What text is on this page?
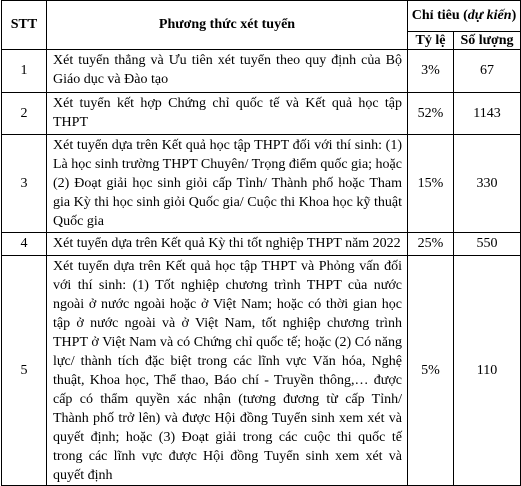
STT	Phương thức xét tuyển	Chỉ tiêu (dự kiến)	
		Tỷ lệ	Số lượng
1	Xét tuyển thẳng và Ưu tiên xét tuyển theo quy định của Bộ Giáo dục và Đào tạo	3%	67
2	Xét tuyển kết hợp Chứng chỉ quốc tế và Kết quả học tập THPT	52%	1143
3	Xét tuyển dựa trên Kết quả học tập THPT đối với thí sinh: (1) Là học sinh trường THPT Chuyên/ Trọng điểm quốc gia; hoặc (2) Đoạt giải học sinh giỏi cấp Tỉnh/ Thành phố hoặc Tham gia Kỳ thi học sinh giỏi Quốc gia/ Cuộc thi Khoa học kỹ thuật Quốc gia	15%	330
4	Xét tuyển dựa trên Kết quả Kỳ thi tốt nghiệp THPT năm 2022	25%	550
5	Xét tuyển dựa trên Kết quả học tập THPT và Phỏng vấn đối với thí sinh: (1) Tốt nghiệp chương trình THPT của nước ngoài ở nước ngoài hoặc ở Việt Nam; hoặc có thời gian học tập ở nước ngoài và ở Việt Nam, tốt nghiệp chương trình THPT ở Việt Nam và có Chứng chỉ quốc tế; hoặc (2) Có năng lực/ thành tích đặc biệt trong các lĩnh vực Văn hóa, Nghệ thuật, Khoa học, Thể thao, Báo chí - Truyền thông,… được cấp có thẩm quyền xác nhận (tương đương từ cấp Tỉnh/ Thành phố trở lên) và được Hội đồng Tuyển sinh xem xét và quyết định; hoặc (3) Đoạt giải trong các cuộc thi quốc tế trong các lĩnh vực được Hội đồng Tuyển sinh xem xét và quyết định	5%	110
